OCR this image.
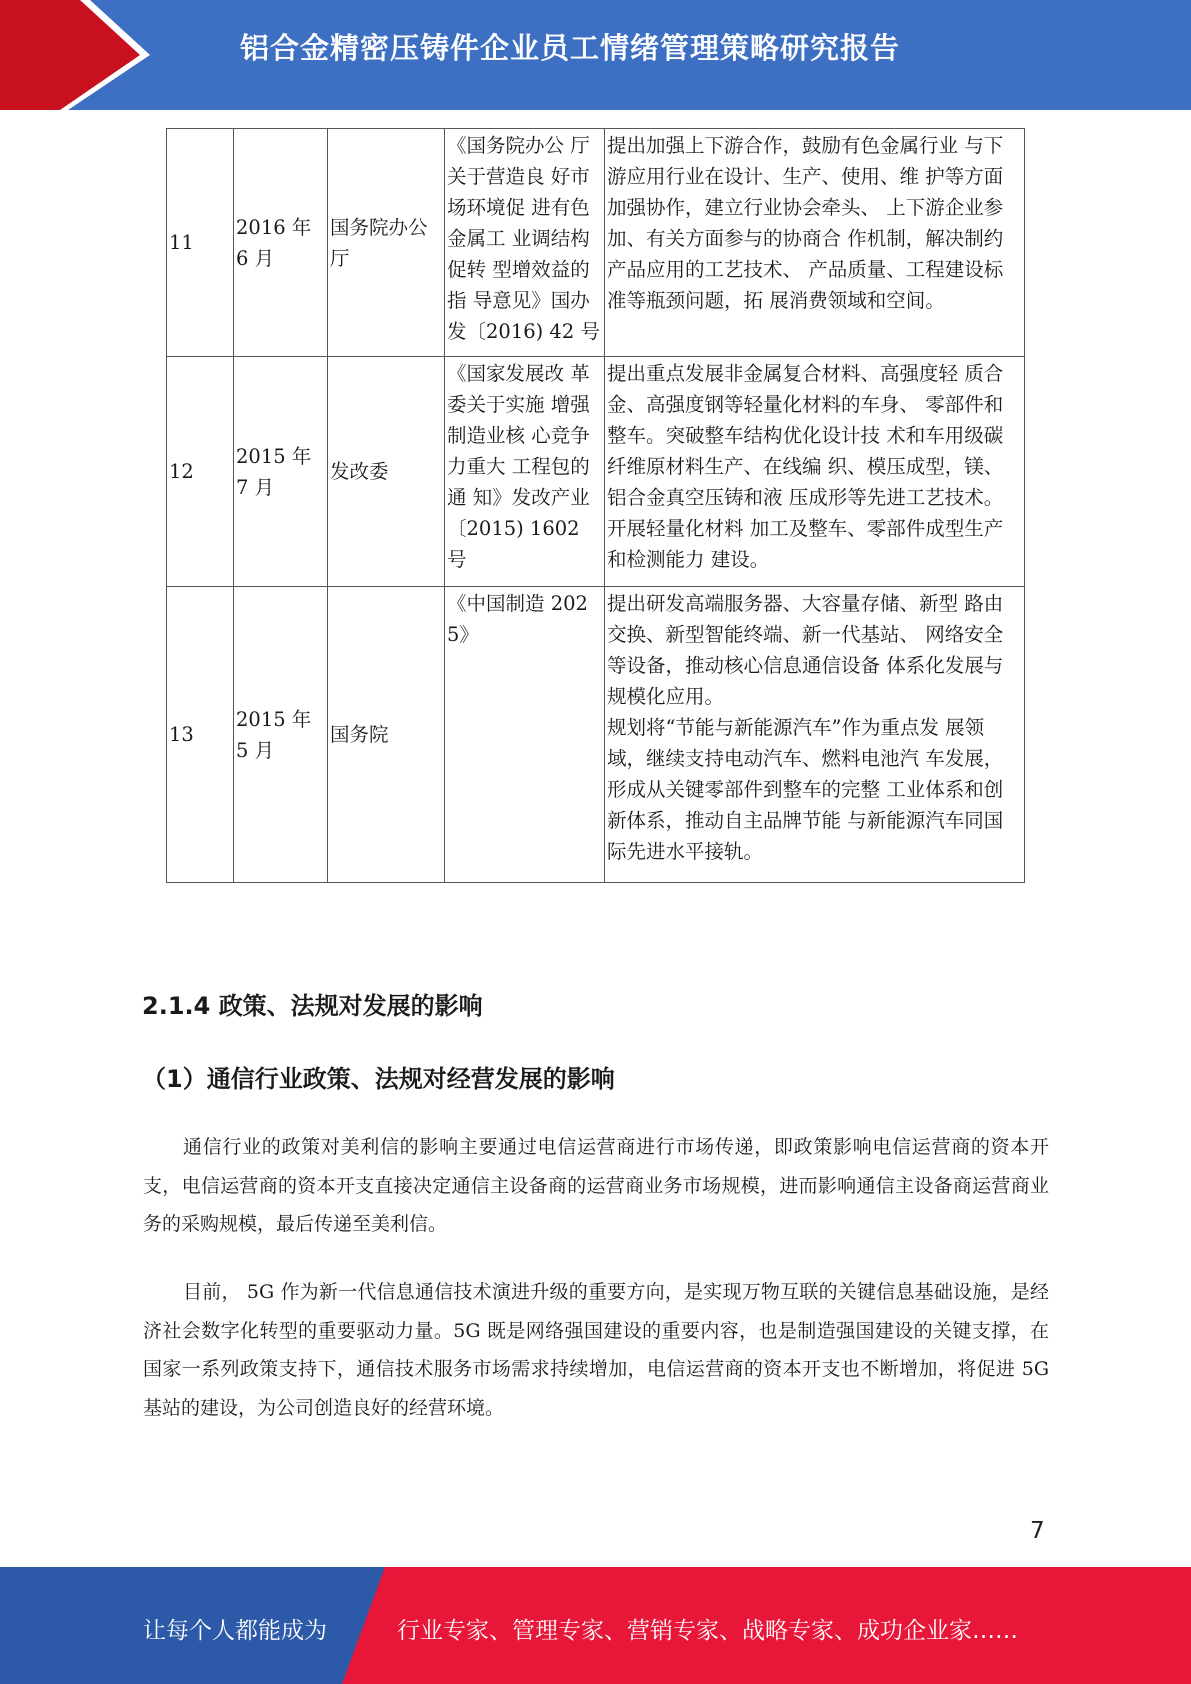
铝合金精密压铸件企业员工情绪管理策略研究报告
11	2016 年 6 月	国务院办公厅	《国务院办公 厅关于营造良 好市场环境促 进有色金属工 业调结构促转 型增效益的指 导意见》国办发〔2016) 42 号	提出加强上下游合作，鼓励有色金属行业 与下游应用行业在设计、生产、使用、维 护等方面加强协作，建立行业协会牵头、 上下游企业参加、有关方面参与的协商合 作机制，解决制约产品应用的工艺技术、 产品质量、工程建设标准等瓶颈问题，拓 展消费领域和空间。

12	2015 年 7 月	发改委	《国家发展改 革委关于实施 增强制造业核 心竞争力重大 工程包的通 知》发改产业〔2015) 1602 号	提出重点发展非金属复合材料、高强度轻 质合金、高强度钢等轻量化材料的车身、 零部件和整车。突破整车结构优化设计技 术和车用级碳纤维原材料生产、在线编 织、模压成型，镁、铝合金真空压铸和液 压成形等先进工艺技术。开展轻量化材料 加工及整车、零部件成型生产和检测能力 建设。

13	2015 年 5 月	国务院	《中国制造 2025》	提出研发高端服务器、大容量存储、新型 路由交换、新型智能终端、新一代基站、 网络安全等设备，推动核心信息通信设备 体系化发展与规模化应用。
规划将“节能与新能源汽车”作为重点发 展领域，继续支持电动汽车、燃料电池汽 车发展，形成从关键零部件到整车的完整 工业体系和创新体系，推动自主品牌节能 与新能源汽车同国际先进水平接轨。
2.1.4 政策、法规对发展的影响
（1）通信行业政策、法规对经营发展的影响
通信行业的政策对美利信的影响主要通过电信运营商进行市场传递，即政策影响电信运营商的资本开支，电信运营商的资本开支直接决定通信主设备商的运营商业务市场规模，进而影响通信主设备商运营商业务的采购规模，最后传递至美利信。
目前， 5G 作为新一代信息通信技术演进升级的重要方向，是实现万物互联的关键信息基础设施，是经济社会数字化转型的重要驱动力量。5G 既是网络强国建设的重要内容，也是制造强国建设的关键支撑，在国家一系列政策支持下，通信技术服务市场需求持续增加，电信运营商的资本开支也不断增加，将促进 5G 基站的建设，为公司创造良好的经营环境。
7
让每个人都能成为	行业专家、管理专家、营销专家、战略专家、成功企业家……
